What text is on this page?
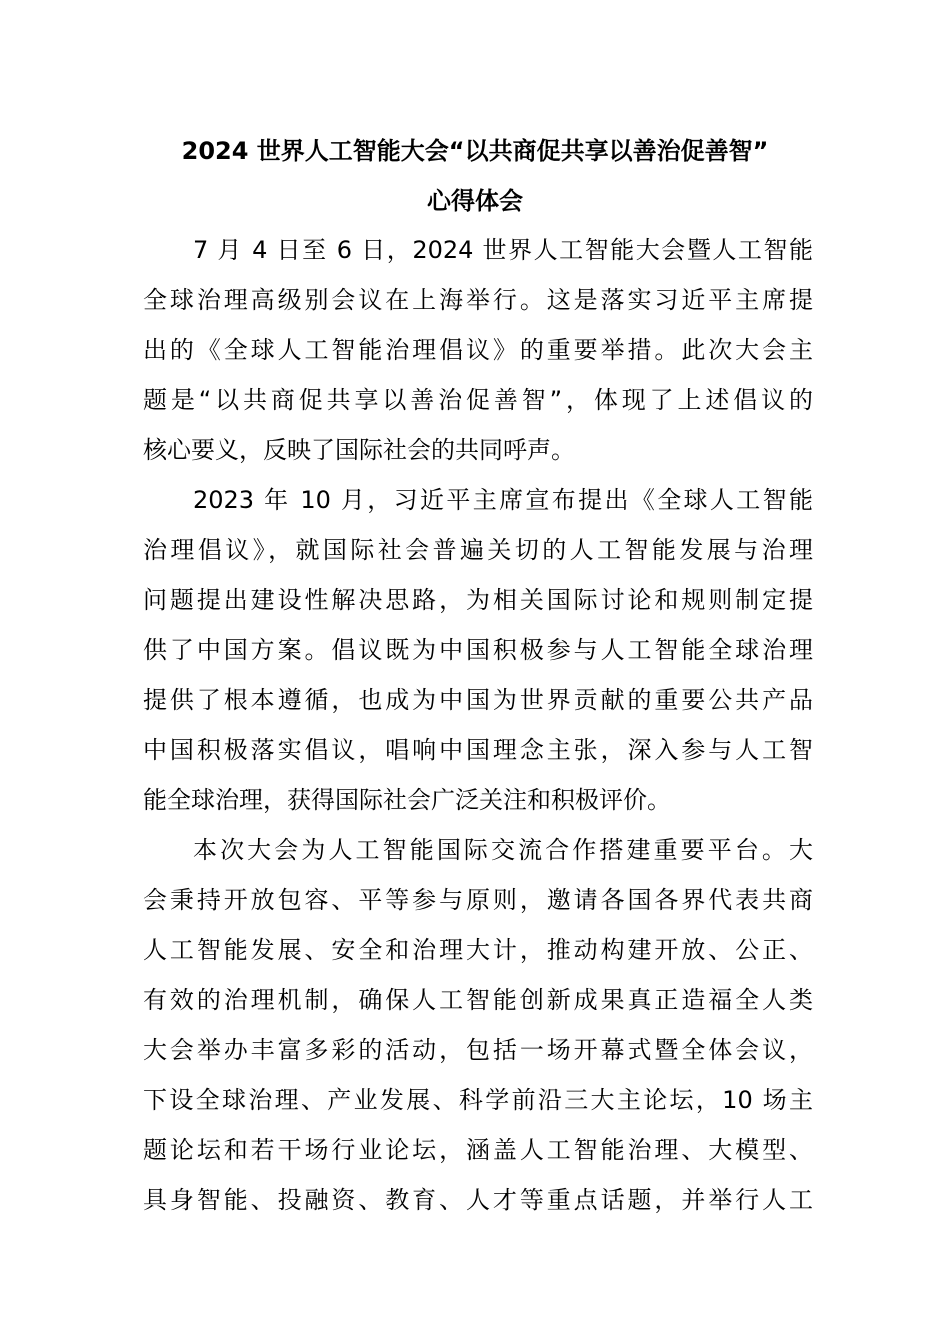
2024 世界人工智能大会“以共商促共享以善治促善智”
心得体会
7 月 4 日至 6 日，2024 世界人工智能大会暨人工智能
全球治理高级别会议在上海举行。这是落实习近平主席提
出的《全球人工智能治理倡议》的重要举措。此次大会主
题是“以共商促共享以善治促善智”，体现了上述倡议的
核心要义，反映了国际社会的共同呼声。
2023 年 10 月，习近平主席宣布提出《全球人工智能
治理倡议》，就国际社会普遍关切的人工智能发展与治理
问题提出建设性解决思路，为相关国际讨论和规则制定提
供了中国方案。倡议既为中国积极参与人工智能全球治理
提供了根本遵循，也成为中国为世界贡献的重要公共产品
中国积极落实倡议，唱响中国理念主张，深入参与人工智
能全球治理，获得国际社会广泛关注和积极评价。
本次大会为人工智能国际交流合作搭建重要平台。大
会秉持开放包容、平等参与原则，邀请各国各界代表共商
人工智能发展、安全和治理大计，推动构建开放、公正、
有效的治理机制，确保人工智能创新成果真正造福全人类
大会举办丰富多彩的活动，包括一场开幕式暨全体会议，
下设全球治理、产业发展、科学前沿三大主论坛，10 场主
题论坛和若干场行业论坛，涵盖人工智能治理、大模型、
具身智能、投融资、教育、人才等重点话题，并举行人工
